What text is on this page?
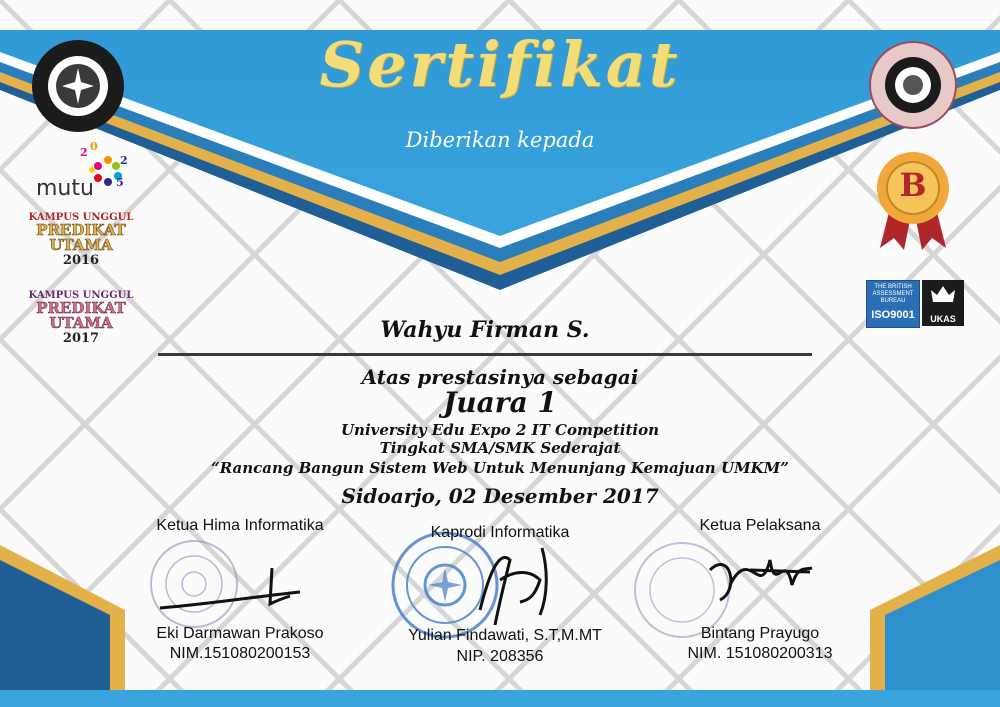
2 0
2
5
mutu
KAMPUS UNGGUL
PREDIKAT
UTAMA
2016
KAMPUS UNGGUL
PREDIKAT
UTAMA
2017
B
THE BRITISH ASSESSMENT BUREAU
ISO9001	UKAS
Sertifikat
Diberikan kepada
Wahyu Firman S.
Atas prestasinya sebagai
Juara 1
University Edu Expo 2 IT Competition
Tingkat SMA/SMK Sederajat
“Rancang Bangun Sistem Web Untuk Menunjang Kemajuan UMKM”
Sidoarjo, 02 Desember 2017
Ketua Hima Informatika
Eki Darmawan Prakoso
NIM.151080200153
Kaprodi Informatika
Yulian Findawati, S.T,M.MT
NIP. 208356
Ketua Pelaksana
Bintang Prayugo
NIM. 151080200313
